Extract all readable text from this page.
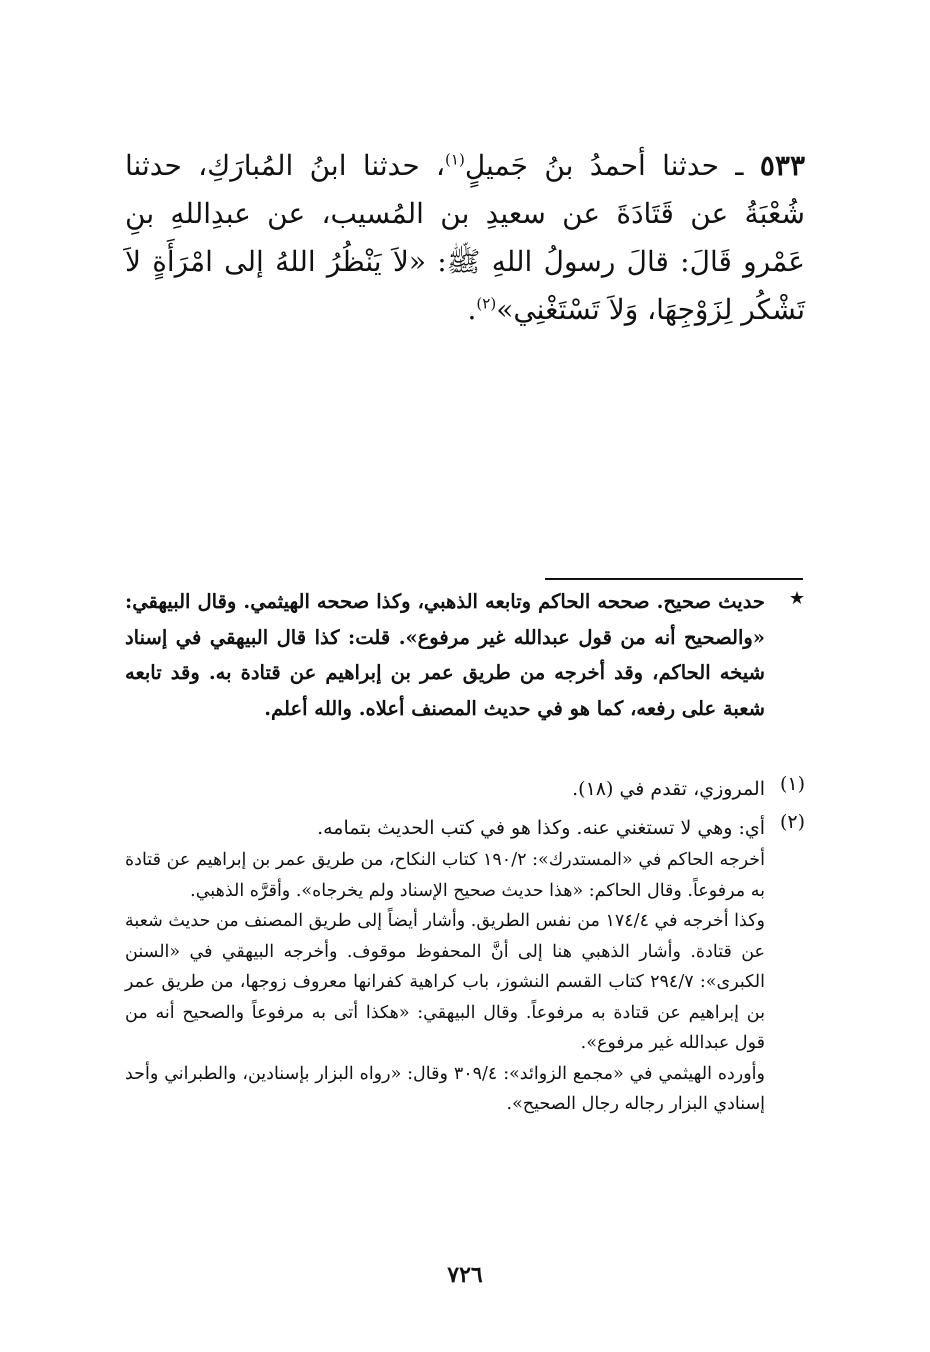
٥٣٣ ـ حدثنا أحمدُ بنُ جَميلٍ$^{(١)}$، حدثنا ابنُ المُبارَكِ، حدثنا شُعْبَةُ عن قَتَادَةَ عن سعيدِ بن المُسيب، عن عبدِاللهِ بنِ عَمْرو قَالَ: قالَ رسولُ اللهِ ﷺ: «لاَ يَنْظُرُ اللهُ إلى امْرَأَةٍ لاَ تَشْكُر لِزَوْجِهَا، وَلاَ تَسْتَغْنِي»$^{(٢)}$.

★

حديث صحيح. صححه الحاكم وتابعه الذهبي، وكذا صححه الهيثمي. وقال البيهقي: «والصحيح أنه من قول عبدالله غير مرفوع». قلت: كذا قال البيهقي في إسناد شيخه الحاكم، وقد أخرجه من طريق عمر بن إبراهيم عن قتادة به. وقد تابعه شعبة على رفعه، كما هو في حديث المصنف أعلاه. والله أعلم.

(١)

المروزي، تقدم في (١٨).

(٢)

أي: وهي لا تستغني عنه. وكذا هو في كتب الحديث بتمامه.

أخرجه الحاكم في «المستدرك»: ١٩٠/٢ كتاب النكاح، من طريق عمر بن إبراهيم عن قتادة به مرفوعاً. وقال الحاكم: «هذا حديث صحيح الإسناد ولم يخرجاه». وأقرَّه الذهبي.

وكذا أخرجه في ١٧٤/٤ من نفس الطريق. وأشار أيضاً إلى طريق المصنف من حديث شعبة عن قتادة. وأشار الذهبي هنا إلى أنَّ المحفوظ موقوف. وأخرجه البيهقي في «السنن الكبرى»: ٢٩٤/٧ كتاب القسم النشوز، باب كراهية كفرانها معروف زوجها، من طريق عمر بن إبراهيم عن قتادة به مرفوعاً. وقال البيهقي: «هكذا أتى به مرفوعاً والصحيح أنه من قول عبدالله غير مرفوع».

وأورده الهيثمي في «مجمع الزوائد»: ٣٠٩/٤ وقال: «رواه البزار بإسنادين، والطبراني وأحد إسنادي البزار رجاله رجال الصحيح».

٧٢٦
